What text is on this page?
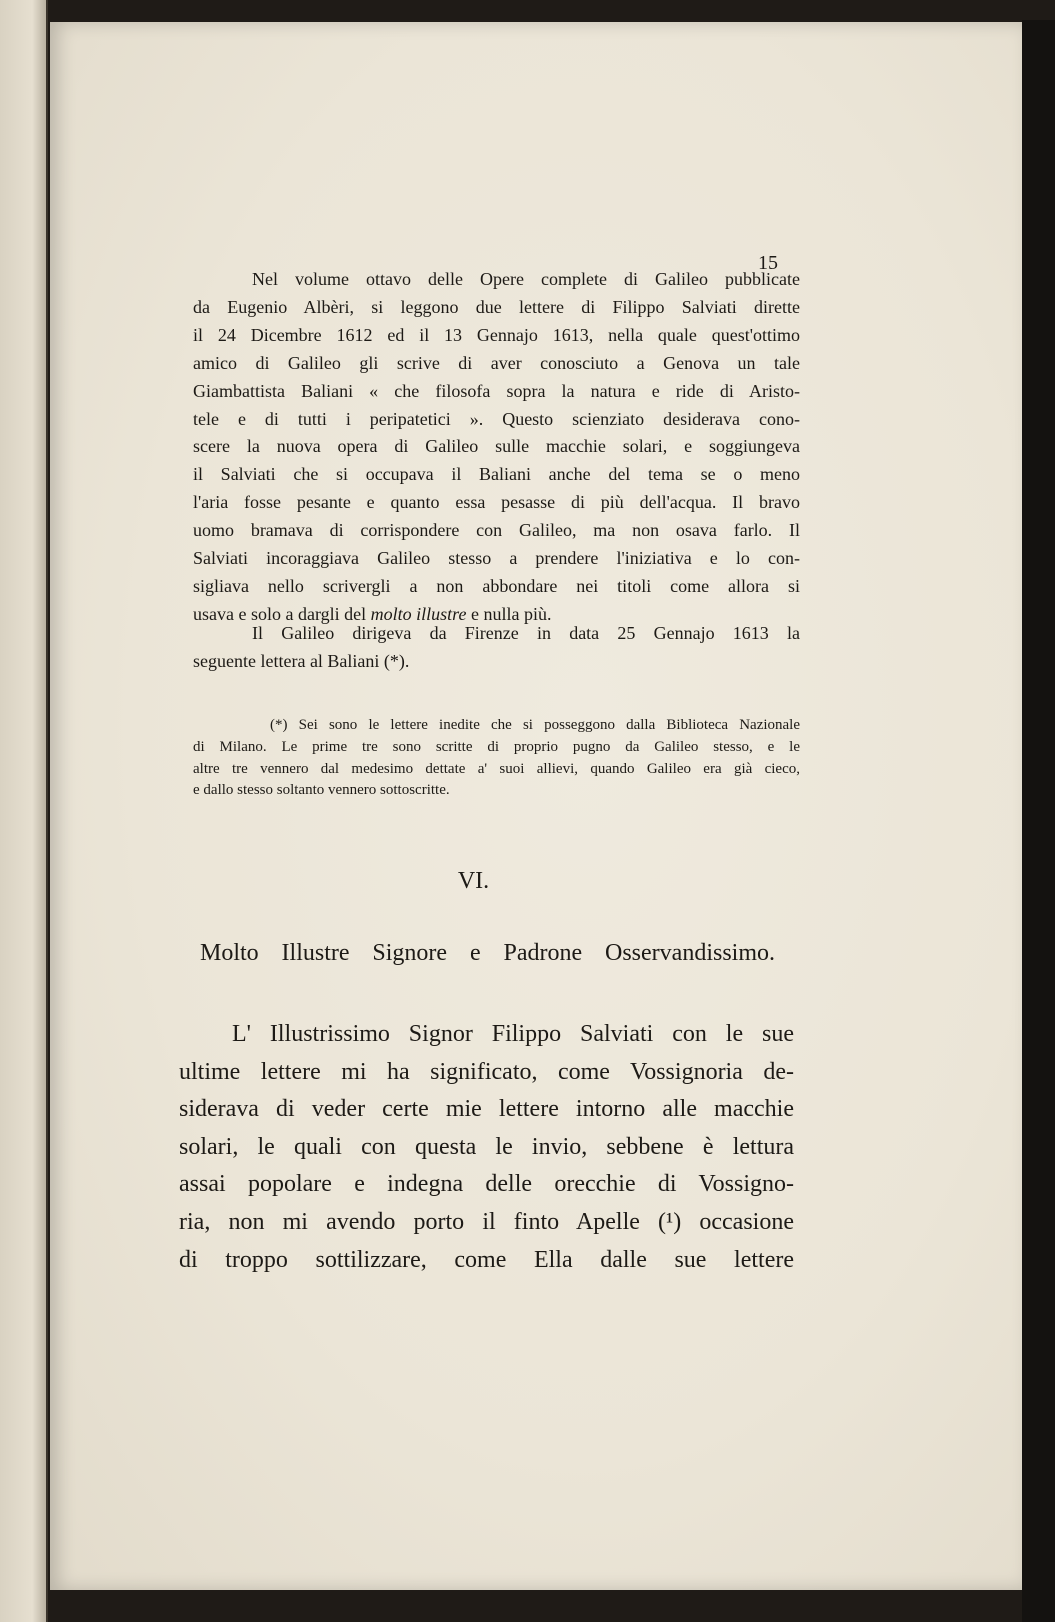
15
Nel volume ottavo delle Opere complete di Galileo pubblicate
da Eugenio Albèri, si leggono due lettere di Filippo Salviati dirette
il 24 Dicembre 1612 ed il 13 Gennajo 1613, nella quale quest'ottimo
amico di Galileo gli scrive di aver conosciuto a Genova un tale
Giambattista Baliani « che filosofa sopra la natura e ride di Aristo-
tele e di tutti i peripatetici ». Questo scienziato desiderava cono-
scere la nuova opera di Galileo sulle macchie solari, e soggiungeva
il Salviati che si occupava il Baliani anche del tema se o meno
l'aria fosse pesante e quanto essa pesasse di più dell'acqua. Il bravo
uomo bramava di corrispondere con Galileo, ma non osava farlo. Il
Salviati incoraggiava Galileo stesso a prendere l'iniziativa e lo con-
sigliava nello scrivergli a non abbondare nei titoli come allora si
usava e solo a dargli del molto illustre e nulla più.
Il Galileo dirigeva da Firenze in data 25 Gennajo 1613 la
seguente lettera al Baliani (*).
(*) Sei sono le lettere inedite che si posseggono dalla Biblioteca Nazionale
di Milano. Le prime tre sono scritte di proprio pugno da Galileo stesso, e le
altre tre vennero dal medesimo dettate a' suoi allievi, quando Galileo era già cieco,
e dallo stesso soltanto vennero sottoscritte.
VI.
Molto Illustre Signore e Padrone Osservandissimo.
L' Illustrissimo Signor Filippo Salviati con le sue
ultime lettere mi ha significato, come Vossignoria de-
siderava di veder certe mie lettere intorno alle macchie
solari, le quali con questa le invio, sebbene è lettura
assai popolare e indegna delle orecchie di Vossigno-
ria, non mi avendo porto il finto Apelle (¹) occasione
di troppo sottilizzare, come Ella dalle sue lettere
